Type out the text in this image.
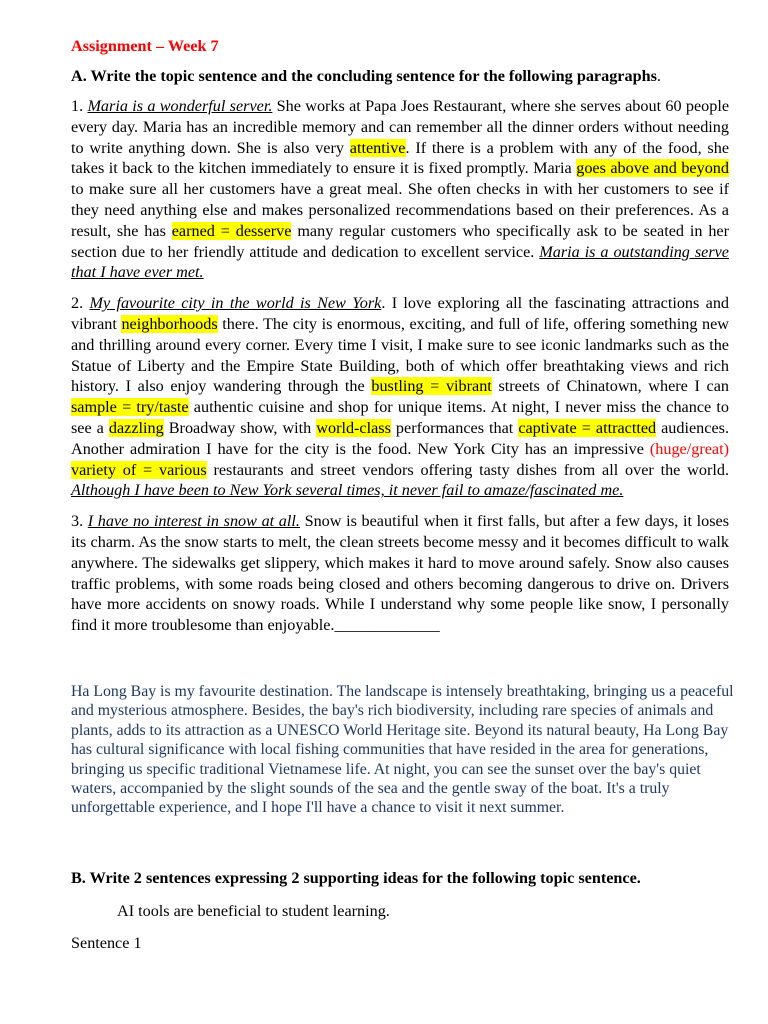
Assignment – Week 7
A. Write the topic sentence and the concluding sentence for the following paragraphs.

1. Maria is a wonderful server. She works at Papa Joes Restaurant, where she serves about 60 people every day. Maria has an incredible memory and can remember all the dinner orders without needing to write anything down. She is also very attentive. If there is a problem with any of the food, she takes it back to the kitchen immediately to ensure it is fixed promptly. Maria goes above and beyond to make sure all her customers have a great meal. She often checks in with her customers to see if they need anything else and makes personalized recommendations based on their preferences. As a result, she has earned = desserve many regular customers who specifically ask to be seated in her section due to her friendly attitude and dedication to excellent service. Maria is a outstanding serve that I have ever met.

2. My favourite city in the world is New York. I love exploring all the fascinating attractions and vibrant neighborhoods there. The city is enormous, exciting, and full of life, offering something new and thrilling around every corner. Every time I visit, I make sure to see iconic landmarks such as the Statue of Liberty and the Empire State Building, both of which offer breathtaking views and rich history. I also enjoy wandering through the bustling = vibrant streets of Chinatown, where I can sample = try/taste authentic cuisine and shop for unique items. At night, I never miss the chance to see a dazzling Broadway show, with world-class performances that captivate = attractted audiences. Another admiration I have for the city is the food. New York City has an impressive (huge/great) variety of = various restaurants and street vendors offering tasty dishes from all over the world. Although I have been to New York several times, it never fail to amaze/fascinated me.

3. I have no interest in snow at all. Snow is beautiful when it first falls, but after a few days, it loses its charm. As the snow starts to melt, the clean streets become messy and it becomes difficult to walk anywhere. The sidewalks get slippery, which makes it hard to move around safely. Snow also causes traffic problems, with some roads being closed and others becoming dangerous to drive on. Drivers have more accidents on snowy roads. While I understand why some people like snow, I personally find it more troublesome than enjoyable._____________

Ha Long Bay is my favourite destination. The landscape is intensely breathtaking, bringing us a peaceful and mysterious atmosphere. Besides, the bay's rich biodiversity, including rare species of animals and plants, adds to its attraction as a UNESCO World Heritage site. Beyond its natural beauty, Ha Long Bay has cultural significance with local fishing communities that have resided in the area for generations, bringing us specific traditional Vietnamese life. At night, you can see the sunset over the bay's quiet waters, accompanied by the slight sounds of the sea and the gentle sway of the boat. It's a truly unforgettable experience, and I hope I'll have a chance to visit it next summer.
B. Write 2 sentences expressing 2 supporting ideas for the following topic sentence.
AI tools are beneficial to student learning.
Sentence 1
